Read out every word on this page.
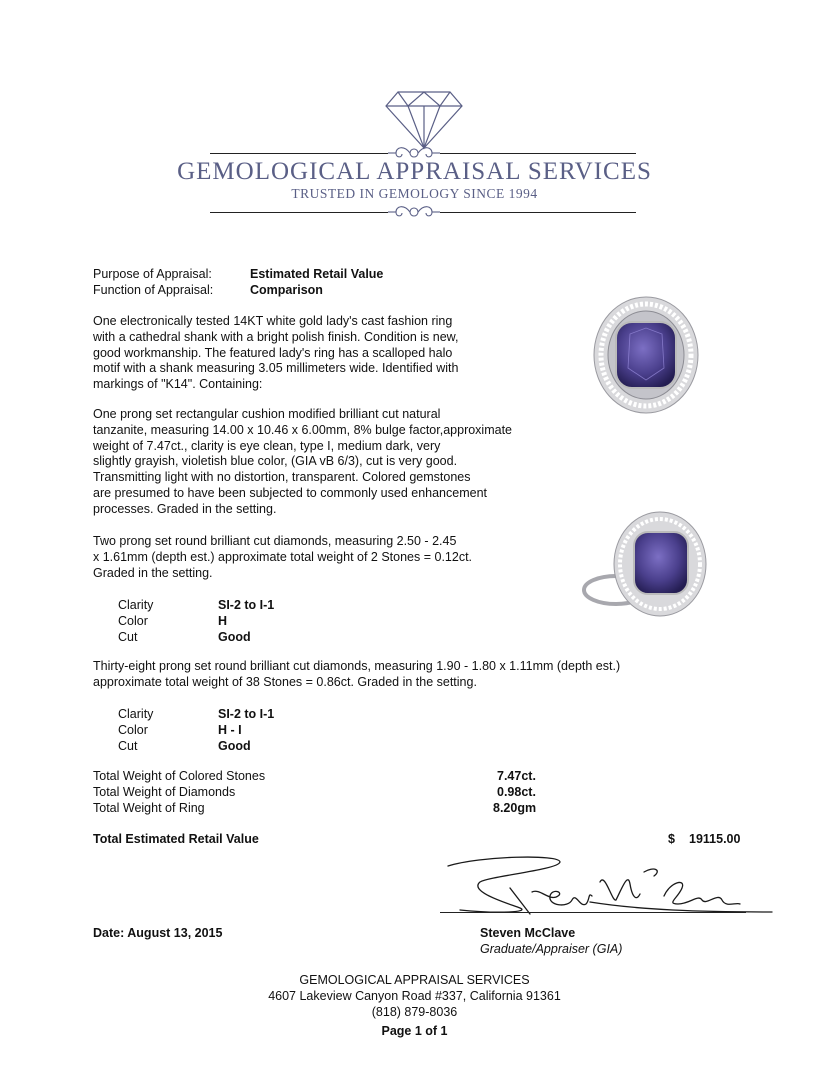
GEMOLOGICAL APPRAISAL SERVICES
TRUSTED IN GEMOLOGY SINCE 1994
Purpose of Appraisal:	Estimated Retail Value
Function of Appraisal:	Comparison
One electronically tested 14KT white gold lady's cast fashion ring
with a cathedral shank with a bright polish finish. Condition is new,
good workmanship. The featured lady's ring has a scalloped halo
motif with a shank measuring 3.05 millimeters wide. Identified with
markings of "K14". Containing:
One prong set rectangular cushion modified brilliant cut natural
tanzanite, measuring 14.00 x 10.46 x 6.00mm, 8% bulge factor,approximate
weight of 7.47ct., clarity is eye clean, type I, medium dark, very
slightly grayish, violetish blue color, (GIA vB 6/3), cut is very good.
Transmitting light with no distortion, transparent. Colored gemstones
are presumed to have been subjected to commonly used enhancement
processes. Graded in the setting.
Two prong set round brilliant cut diamonds, measuring 2.50 - 2.45
x 1.61mm (depth est.) approximate total weight of 2 Stones = 0.12ct.
Graded in the setting.
Clarity	SI-2 to I-1
Color	H
Cut	Good
Thirty-eight prong set round brilliant cut diamonds, measuring 1.90 - 1.80 x 1.11mm (depth est.)
approximate total weight of 38 Stones = 0.86ct. Graded in the setting.
Clarity	SI-2 to I-1
Color	H - I
Cut	Good
Total Weight of Colored Stones	7.47ct.
Total Weight of Diamonds	0.98ct.
Total Weight of Ring	8.20gm
Total Estimated Retail Value	$ 19115.00
Date: August 13, 2015	Steven McClave
Graduate/Appraiser (GIA)
GEMOLOGICAL APPRAISAL SERVICES
4607 Lakeview Canyon Road #337, California 91361
(818) 879-8036
Page 1 of 1
